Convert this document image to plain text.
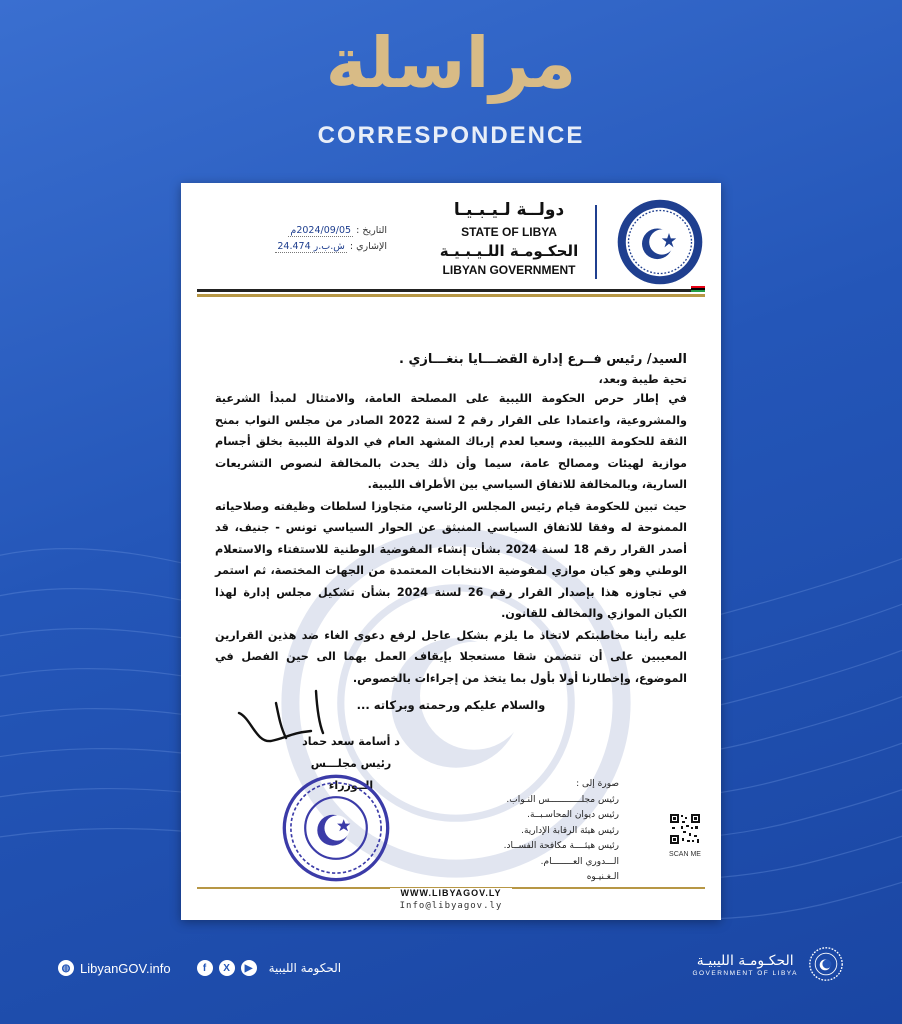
مراسلة
CORRESPONDENCE
دولــة لـيـبـيـا
STATE OF LIBYA
الحكـومـة اللـيـبـيـة
LIBYAN GOVERNMENT
التاريخ : 2024/09/05م
الإشاري : ش.ب.ر 24.474
السيد/ رئيس فــرع إدارة القضـــايا بنغـــازي .
تحية طيبة وبعد،

في إطار حرص الحكومة الليبية على المصلحة العامة، والامتثال لمبدأ الشرعية والمشروعية، واعتمادا على القرار رقم 2 لسنة 2022 الصادر من مجلس النواب بمنح الثقة للحكومة الليبية، وسعيا لعدم إرباك المشهد العام في الدولة الليبية بخلق أجسام موازية لهيئات ومصالح عامة، سيما وأن ذلك يحدث بالمخالفة لنصوص التشريعات السارية، وبالمخالفة للاتفاق السياسي بين الأطراف الليبية.

حيث تبين للحكومة قيام رئيس المجلس الرئاسي، متجاوزا لسلطات وظيفته وصلاحياته الممنوحة له وفقا للاتفاق السياسي المنبثق عن الحوار السياسي تونس - جنيف، قد أصدر القرار رقم 18 لسنة 2024 بشأن إنشاء المفوضية الوطنية للاستفتاء والاستعلام الوطني وهو كيان موازي لمفوضية الانتخابات المعتمدة من الجهات المختصة، ثم استمر في تجاوزه هذا بإصدار القرار رقم 26 لسنة 2024 بشأن تشكيل مجلس إدارة لهذا الكيان الموازي والمخالف للقانون.

عليه رأينا مخاطبتكم لاتخاذ ما يلزم بشكل عاجل لرفع دعوى الغاء ضد هذين القرارين المعيبين على أن تتضمن شقا مستعجلا بإيقاف العمل بهما الى حين الفصل في الموضوع، وإخطارنا أولا بأول بما يتخذ من إجراءات بالخصوص.

والسلام عليكم ورحمته وبركاته ...
د أسامة سعد حماد
رئيس مجلـــس الــوزراء	صورة إلى :
رئيس مجلــــــــــــس النـواب.
رئيس ديوان المحاسـبــة.
رئيس هيئة الرقابة الإدارية.
رئيس هيئــــة مكافحة الفســاد.
الـــدوري العــــــــام.
الـغـنيـوه
SCAN ME
WWW.LIBYAGOV.LY
Info@libyagov.ly
◍ LibyanGOV.info	f	X	▶	الحكومة الليبية	الحكـومـة الليبيـة
GOVERNMENT OF LIBYA
